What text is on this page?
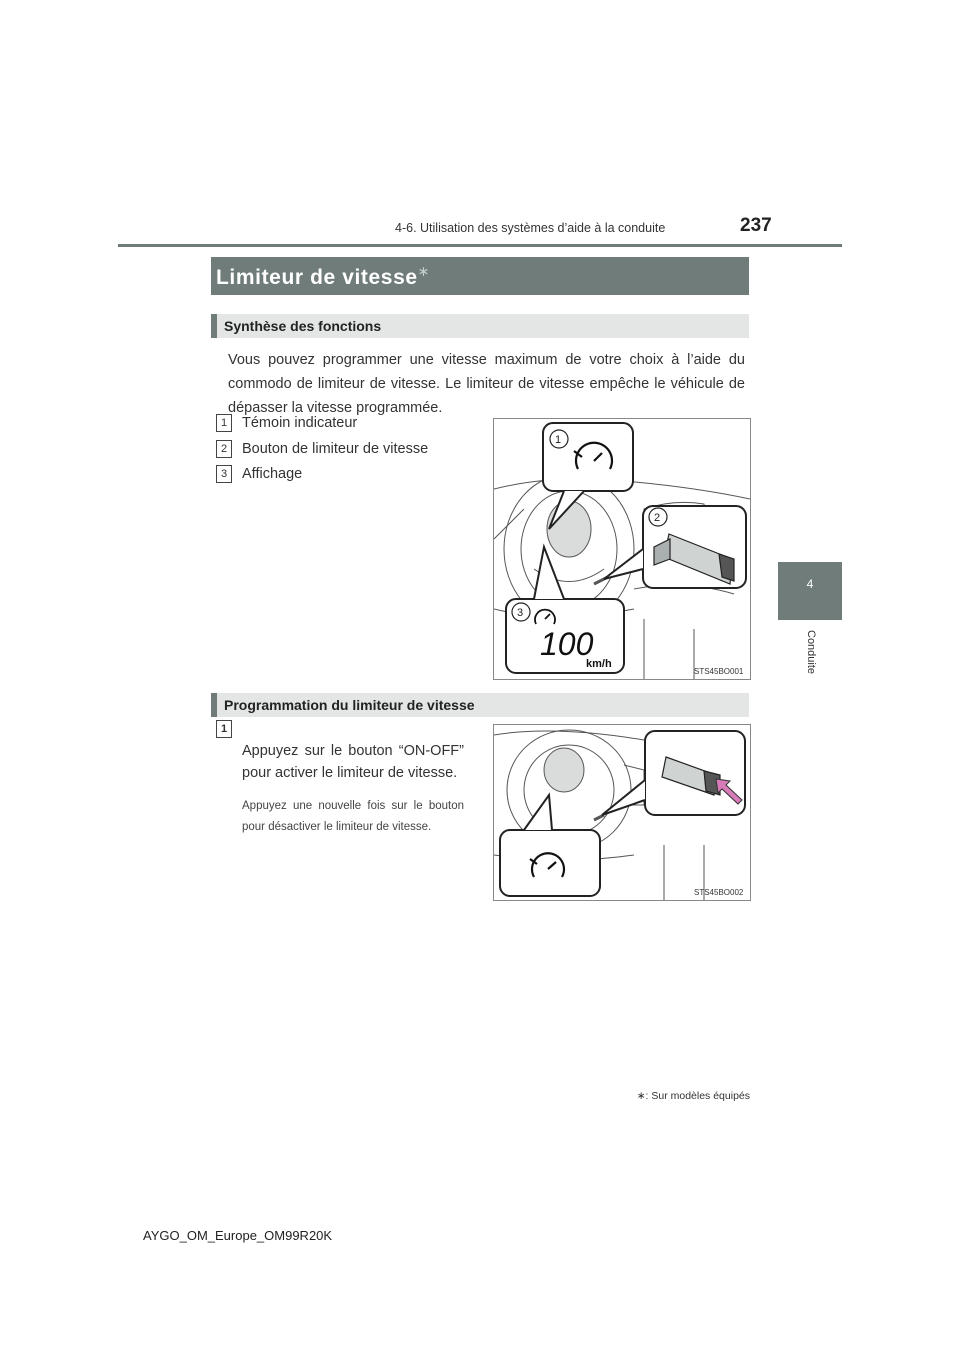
4-6. Utilisation des systèmes d’aide à la conduite	237
4
Conduite
Limiteur de vitesse∗
Synthèse des fonctions
Vous pouvez programmer une vitesse maximum de votre choix à l’aide du commodo de limiteur de vitesse. Le limiteur de vitesse empêche le véhicule de dépasser la vitesse programmée.
1 Témoin indicateur
2 Bouton de limiteur de vitesse
3 Affichage
100
km/h
1
2
3
STS45BO001
Programmation du limiteur de vitesse
1
Appuyez sur le bouton “ON-OFF” pour activer le limiteur de vitesse.
Appuyez une nouvelle fois sur le bouton pour désactiver le limiteur de vitesse.
STS45BO002
∗: Sur modèles équipés
AYGO_OM_Europe_OM99R20K
